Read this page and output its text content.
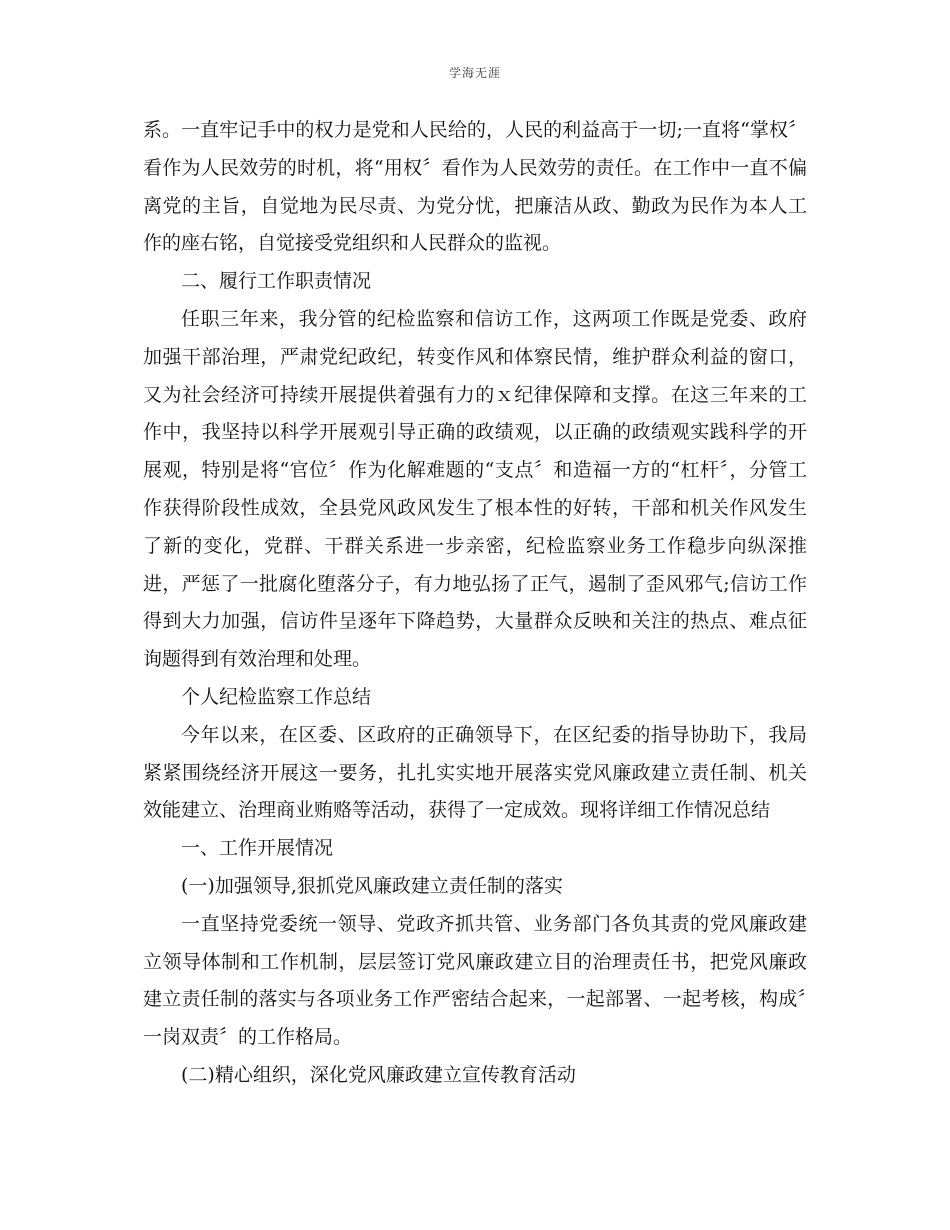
学海无涯

系。一直牢记手中的权力是党和人民给的，人民的利益高于一切;一直将“掌权〞看作为人民效劳的时机，将“用权〞看作为人民效劳的责任。在工作中一直不偏离党的主旨，自觉地为民尽责、为党分忧，把廉洁从政、勤政为民作为本人工作的座右铭，自觉接受党组织和人民群众的监视。

二、履行工作职责情况

任职三年来，我分管的纪检监察和信访工作，这两项工作既是党委、政府加强干部治理，严肃党纪政纪，转变作风和体察民情，维护群众利益的窗口，又为社会经济可持续开展提供着强有力的ｘ纪律保障和支撑。在这三年来的工作中，我坚持以科学开展观引导正确的政绩观，以正确的政绩观实践科学的开展观，特别是将“官位〞作为化解难题的“支点〞和造福一方的“杠杆〞，分管工作获得阶段性成效，全县党风政风发生了根本性的好转，干部和机关作风发生了新的变化，党群、干群关系进一步亲密，纪检监察业务工作稳步向纵深推进，严惩了一批腐化堕落分子，有力地弘扬了正气，遏制了歪风邪气;信访工作得到大力加强，信访件呈逐年下降趋势，大量群众反映和关注的热点、难点征询题得到有效治理和处理。

个人纪检监察工作总结

今年以来，在区委、区政府的正确领导下，在区纪委的指导协助下，我局紧紧围绕经济开展这一要务，扎扎实实地开展落实党风廉政建立责任制、机关效能建立、治理商业贿赂等活动，获得了一定成效。现将详细工作情况总结

一、工作开展情况

(一)加强领导,狠抓党风廉政建立责任制的落实

一直坚持党委统一领导、党政齐抓共管、业务部门各负其责的党风廉政建立领导体制和工作机制，层层签订党风廉政建立目的治理责任书，把党风廉政建立责任制的落实与各项业务工作严密结合起来，一起部署、一起考核，构成〞一岗双责〞的工作格局。

(二)精心组织，深化党风廉政建立宣传教育活动
